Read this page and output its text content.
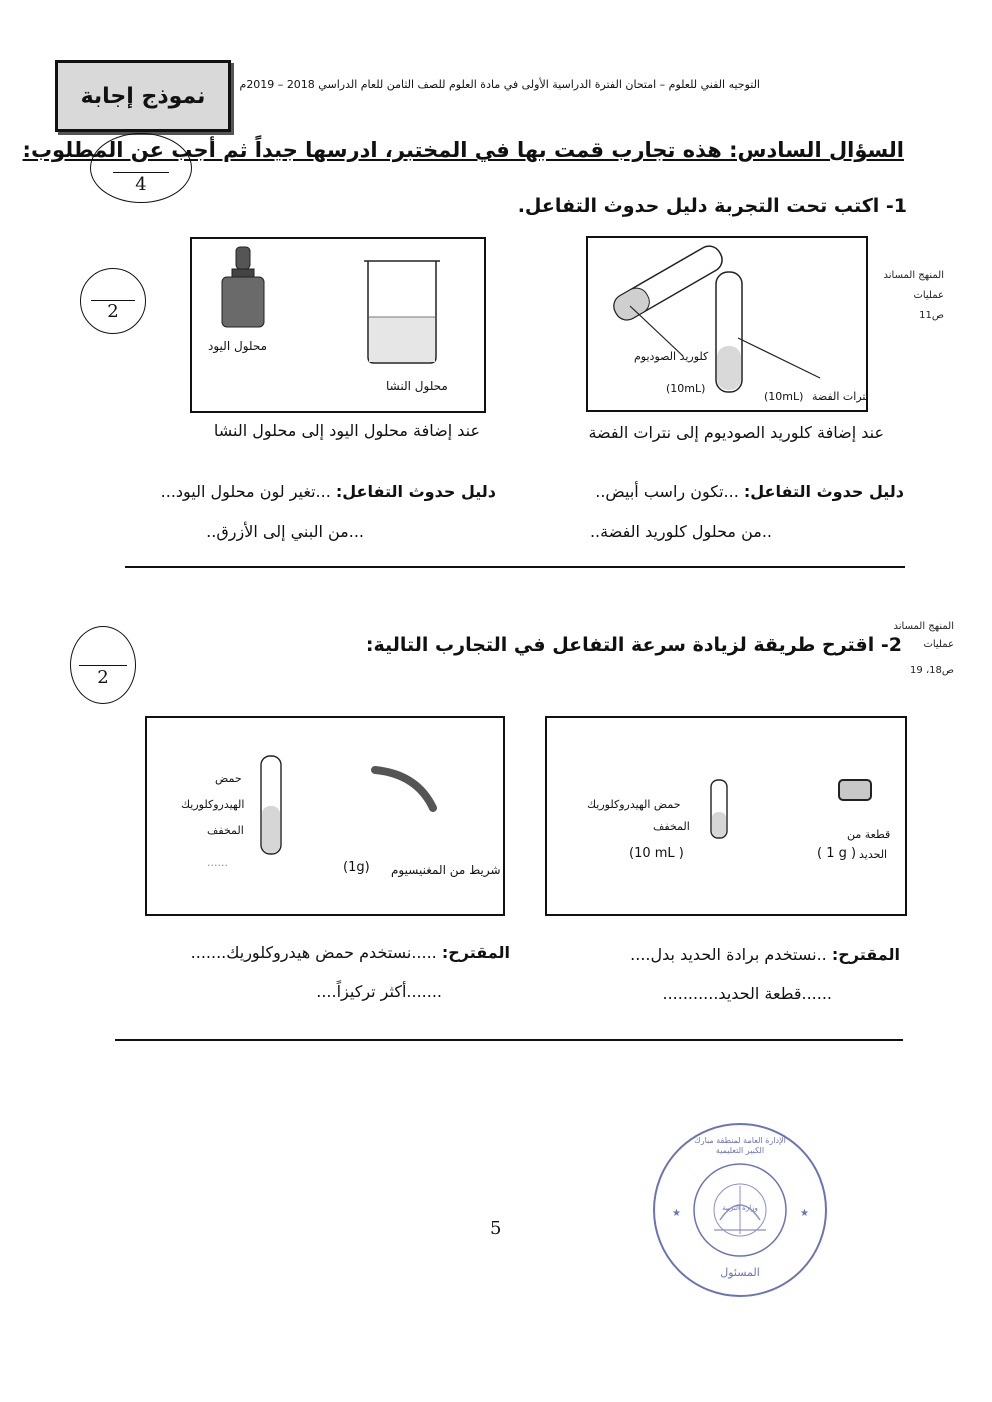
نموذج إجابة	التوجيه الفني للعلوم – امتحان الفترة الدراسية الأولى في مادة العلوم للصف الثامن للعام الدراسي 2018 – 2019م
السؤال السادس: هذه تجارب قمت بها في المختبر، ادرسها جيداً ثم أجب عن المطلوب:
4
1- اكتب تحت التجربة دليل حدوث التفاعل.
2
المنهج المساند
عمليات
ص11
كلوريد الصوديوم
(10mL)
نترات الفضة
(10mL)
عند إضافة كلوريد الصوديوم إلى نترات الفضة
دليل حدوث التفاعل: ...تكون راسب أبيض..
..من محلول كلوريد الفضة..
محلول اليود
محلول النشا
عند إضافة محلول اليود إلى محلول النشا
دليل حدوث التفاعل: ...تغير لون محلول اليود...
...من البني إلى الأزرق..
2- اقترح طريقة لزيادة سرعة التفاعل في التجارب التالية:
المنهج المساند
عمليات
ص18، 19
2
حمض الهيدروكلوريك
المخفف
(10 mL )
قطعة من
الحديد
( 1 g )
المقترح: ..نستخدم برادة الحديد بدل....
......قطعة الحديد...........
حمض
الهيدروكلوريك
المخفف
......
شريط من المغنيسيوم
(1g)
المقترح: .....نستخدم حمض هيدروكلوريك.......
.......أكثر تركيزاً....
5
★	★
الإدارة العامة لمنطقة مبارك الكبير التعليمية
وزارة التربية
المسئول
